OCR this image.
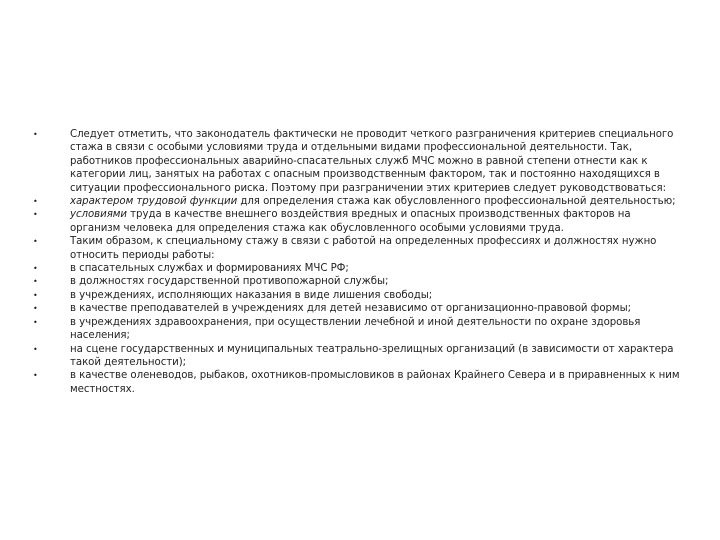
•	Следует отметить, что законодатель фактически не проводит четкого разграничения критериев специального стажа в связи с особыми условиями труда и отдельными видами профессиональной деятельности. Так, работников профессиональных аварийно-спасательных служб МЧС можно в равной степени отнести как к категории лиц, занятых на работах с опасным производственным фактором, так и постоянно находящихся в ситуации профессионального риска. Поэтому при разграничении этих критериев следует руководствоваться:
•	характером трудовой функции для определения стажа как обусловленного профессиональной деятельностью;
•	условиями труда в качестве внешнего воздействия вредных и опасных производственных факторов на организм человека для определения стажа как обусловленного особыми условиями труда.
•	Таким образом, к специальному стажу в связи с работой на определенных профессиях и должностях нужно относить периоды работы:
•	в спасательных службах и формированиях МЧС РФ;
•	в должностях государственной противопожарной службы;
•	в учреждениях, исполняющих наказания в виде лишения свободы;
•	в качестве преподавателей в учреждениях для детей независимо от организационно-правовой формы;
•	в учреждениях здравоохранения, при осуществлении лечебной и иной деятельности по охране здоровья населения;
•	на сцене государственных и муниципальных театрально-зрелищных организаций (в зависимости от характера такой деятельности);
•	в качестве оленеводов, рыбаков, охотников-промысловиков в районах Крайнего Севера и в приравненных к ним местностях.
